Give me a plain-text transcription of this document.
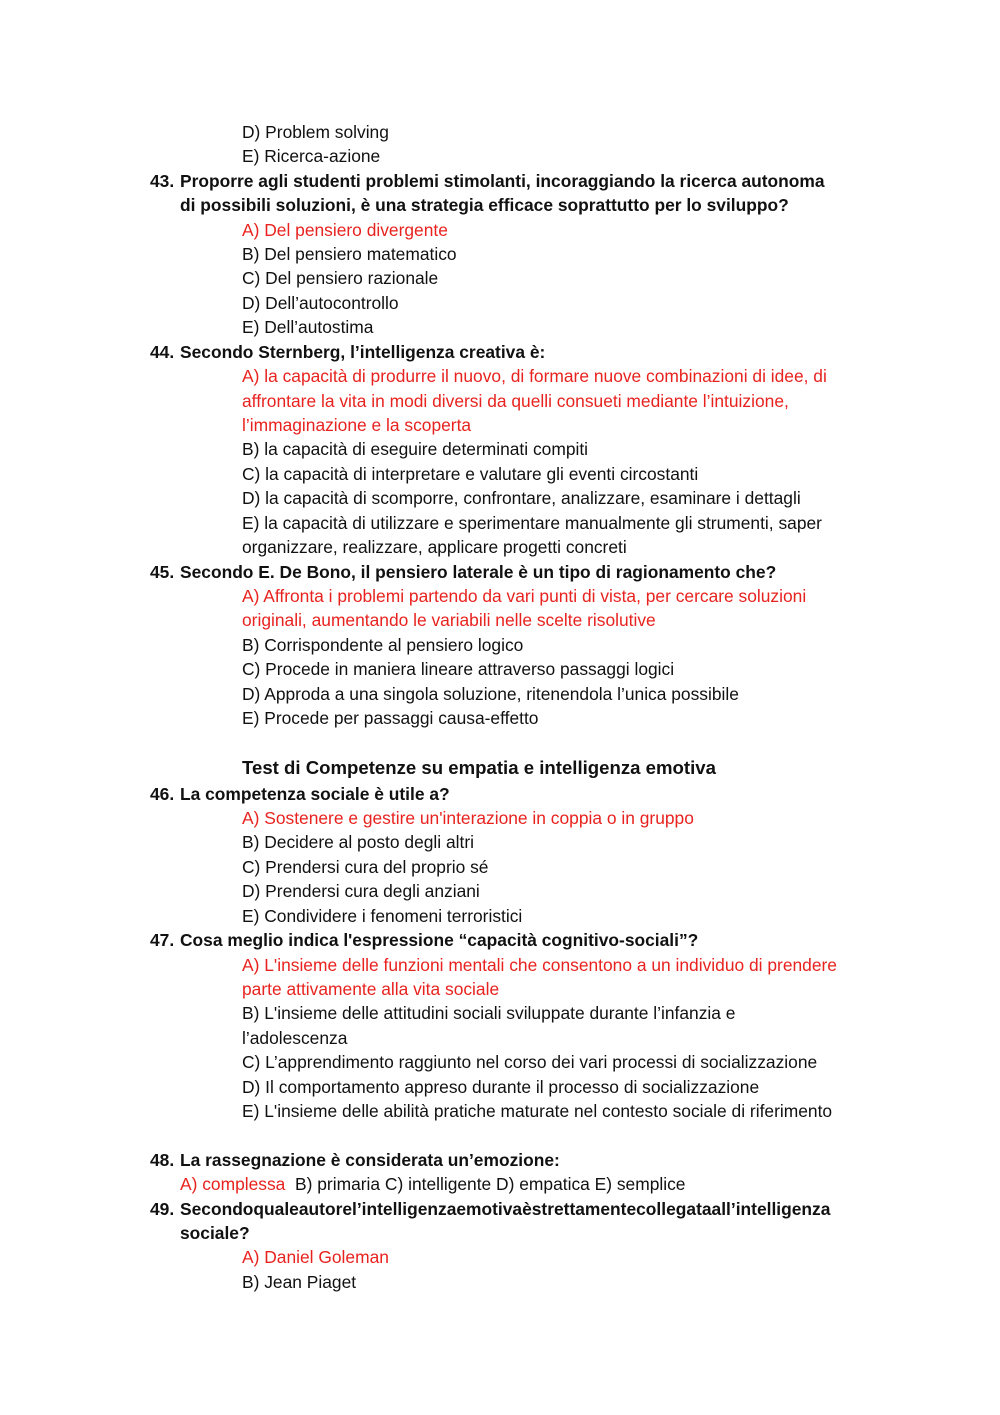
D) Problem solving
E) Ricerca-azione
43. Proporre agli studenti problemi stimolanti, incoraggiando la ricerca autonoma
di possibili soluzioni, è una strategia efficace soprattutto per lo sviluppo?
A) Del pensiero divergente
B) Del pensiero matematico
C) Del pensiero razionale
D) Dell’autocontrollo
E) Dell’autostima
44. Secondo Sternberg, l’intelligenza creativa è:
A) la capacità di produrre il nuovo, di formare nuove combinazioni di idee, di
affrontare la vita in modi diversi da quelli consueti mediante l’intuizione,
l’immaginazione e la scoperta
B) la capacità di eseguire determinati compiti
C) la capacità di interpretare e valutare gli eventi circostanti
D) la capacità di scomporre, confrontare, analizzare, esaminare i dettagli
E) la capacità di utilizzare e sperimentare manualmente gli strumenti, saper
organizzare, realizzare, applicare progetti concreti
45. Secondo E. De Bono, il pensiero laterale è un tipo di ragionamento che?
A) Affronta i problemi partendo da vari punti di vista, per cercare soluzioni
originali, aumentando le variabili nelle scelte risolutive
B) Corrispondente al pensiero logico
C) Procede in maniera lineare attraverso passaggi logici
D) Approda a una singola soluzione, ritenendola l’unica possibile
E) Procede per passaggi causa-effetto
Test di Competenze su empatia e intelligenza emotiva
46. La competenza sociale è utile a?
A) Sostenere e gestire un'interazione in coppia o in gruppo
B) Decidere al posto degli altri
C) Prendersi cura del proprio sé
D) Prendersi cura degli anziani
E) Condividere i fenomeni terroristici
47. Cosa meglio indica l'espressione “capacità cognitivo-sociali”?
A) L'insieme delle funzioni mentali che consentono a un individuo di prendere
parte attivamente alla vita sociale
B) L'insieme delle attitudini sociali sviluppate durante l’infanzia e
l’adolescenza
C) L’apprendimento raggiunto nel corso dei vari processi di socializzazione
D) Il comportamento appreso durante il processo di socializzazione
E) L'insieme delle abilità pratiche maturate nel contesto sociale di riferimento
48. La rassegnazione è considerata un’emozione:
A) complessa B) primaria C) intelligente D) empatica E) semplice
49. Secondoqualeautorel’intelligenzaemotivaèstrettamentecollegataall’intelligenza
sociale?
A) Daniel Goleman
B) Jean Piaget
